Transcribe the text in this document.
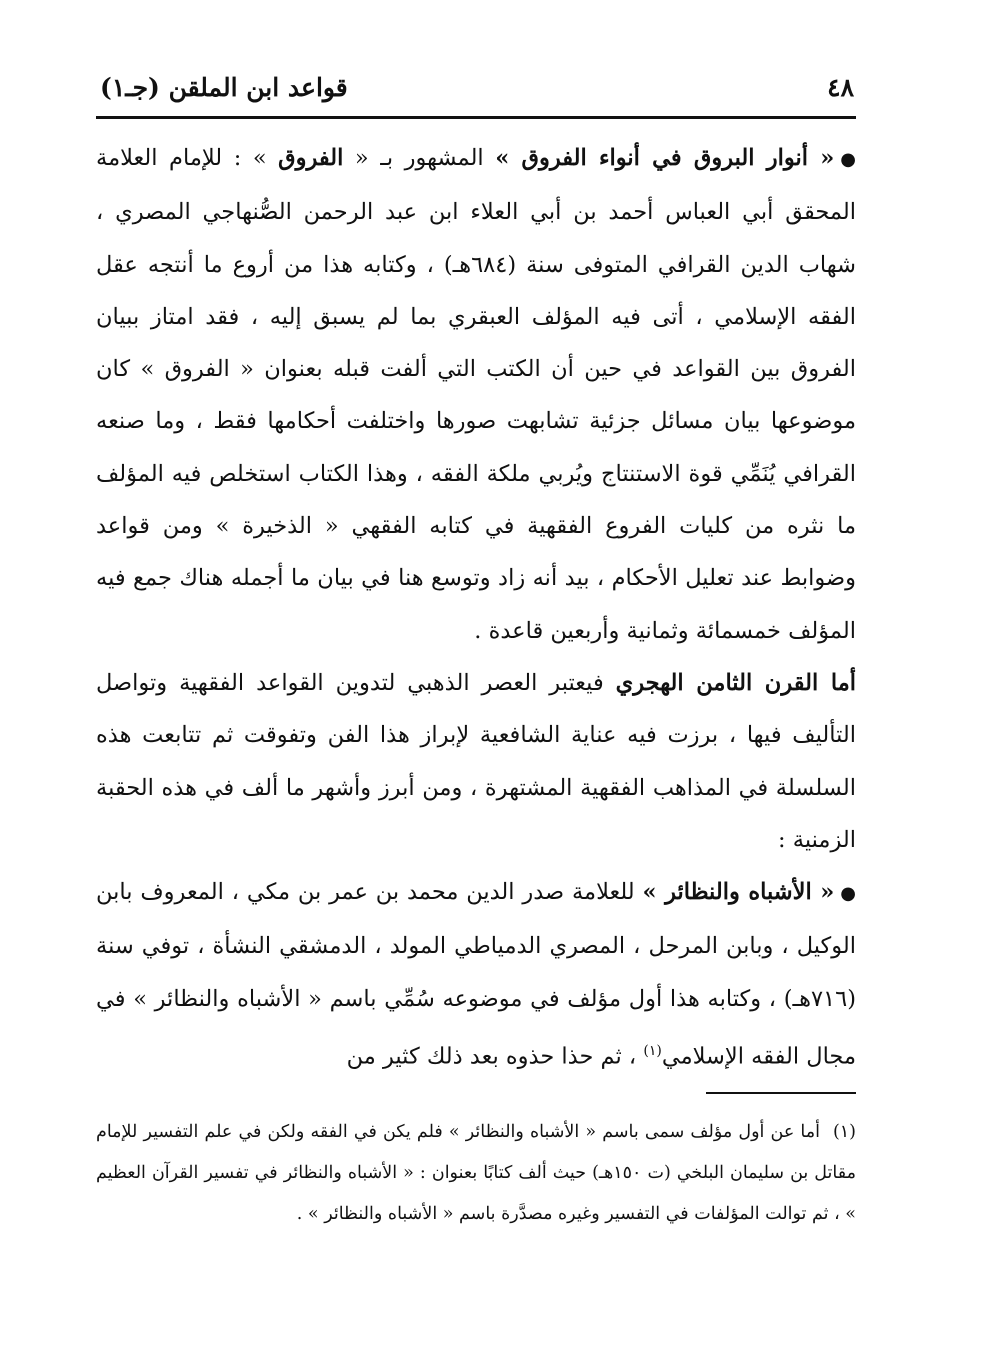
٤٨
قواعد ابن الملقن (جـ١)

●« أنوار البروق في أنواء الفروق » المشهور بـ « الفروق » : للإمام العلامة المحقق أبي العباس أحمد بن أبي العلاء ابن عبد الرحمن الصُّنهاجي المصري ، شهاب الدين القرافي المتوفى سنة (٦٨٤هـ) ، وكتابه هذا من أروع ما أنتجه عقل الفقه الإسلامي ، أتى فيه المؤلف العبقري بما لم يسبق إليه ، فقد امتاز ببيان الفروق بين القواعد في حين أن الكتب التي ألفت قبله بعنوان « الفروق » كان موضوعها بيان مسائل جزئية تشابهت صورها واختلفت أحكامها فقط ، وما صنعه القرافي يُنَمِّي قوة الاستنتاج ويُربي ملكة الفقه ، وهذا الكتاب استخلص فيه المؤلف ما نثره من كليات الفروع الفقهية في كتابه الفقهي « الذخيرة » ومن قواعد وضوابط عند تعليل الأحكام ، بيد أنه زاد وتوسع هنا في بيان ما أجمله هناك جمع فيه المؤلف خمسمائة وثمانية وأربعين قاعدة .

أما القرن الثامن الهجري فيعتبر العصر الذهبي لتدوين القواعد الفقهية وتواصل التأليف فيها ، برزت فيه عناية الشافعية لإبراز هذا الفن وتفوقت ثم تتابعت هذه السلسلة في المذاهب الفقهية المشتهرة ، ومن أبرز وأشهر ما ألف في هذه الحقبة الزمنية :

●« الأشباه والنظائر » للعلامة صدر الدين محمد بن عمر بن مكي ، المعروف بابن الوكيل ، وبابن المرحل ، المصري الدمياطي المولد ، الدمشقي النشأة ، توفي سنة (٧١٦هـ) ، وكتابه هذا أول مؤلف في موضوعه سُمِّي باسم « الأشباه والنظائر » في مجال الفقه الإسلامي$^{(١)}$ ، ثم حذا حذوه بعد ذلك كثير من

(١)أما عن أول مؤلف سمى باسم « الأشباه والنظائر » فلم يكن في الفقه ولكن في علم التفسير للإمام مقاتل بن سليمان البلخي (ت ١٥٠هـ) حيث ألف كتابًا بعنوان : « الأشباه والنظائر في تفسير القرآن العظيم » ، ثم توالت المؤلفات في التفسير وغيره مصدَّرة باسم « الأشباه والنظائر » .
